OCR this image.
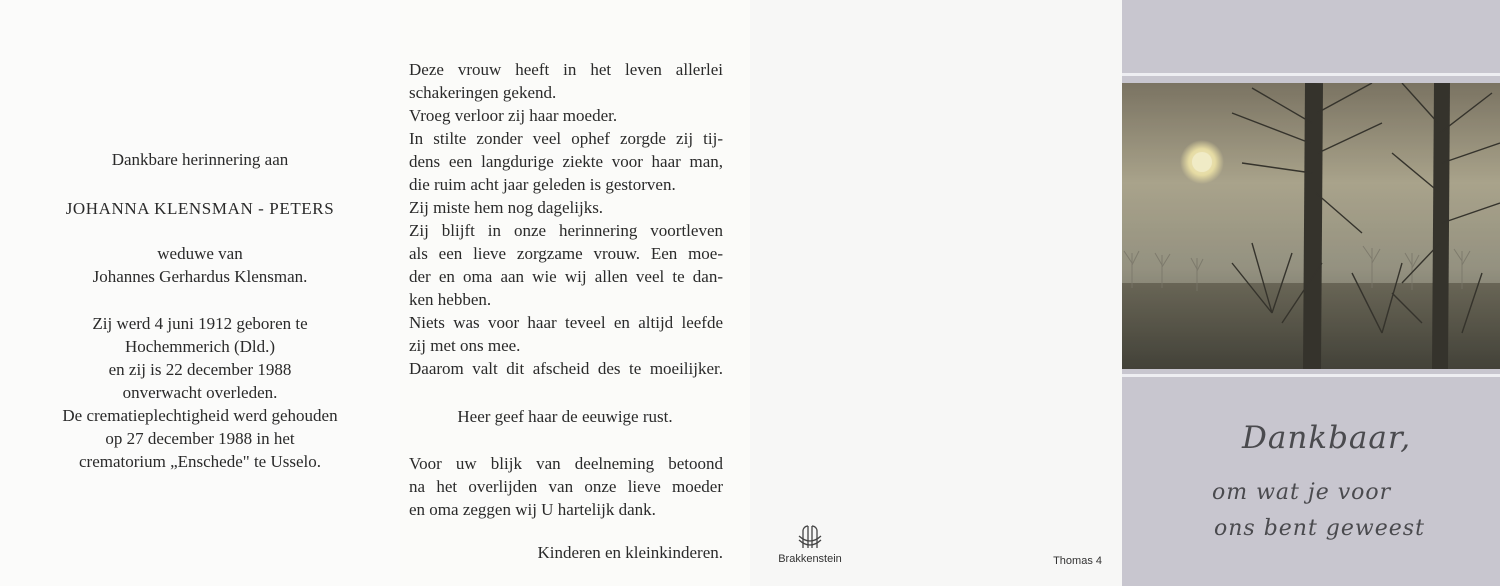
Dankbare herinnering aan
JOHANNA KLENSMAN - PETERS
weduwe van
Johannes Gerhardus Klensman.
Zij werd 4 juni 1912 geboren te
Hochemmerich (Dld.)
en zij is 22 december 1988
onverwacht overleden.
De crematieplechtigheid werd gehouden
op 27 december 1988 in het
crematorium „Enschede" te Usselo.
Deze vrouw heeft in het leven allerlei
schakeringen gekend.
Vroeg verloor zij haar moeder.
In stilte zonder veel ophef zorgde zij tij-
dens een langdurige ziekte voor haar man,
die ruim acht jaar geleden is gestorven.
Zij miste hem nog dagelijks.
Zij blijft in onze herinnering voortleven
als een lieve zorgzame vrouw. Een moe-
der en oma aan wie wij allen veel te dan-
ken hebben.
Niets was voor haar teveel en altijd leefde
zij met ons mee.
Daarom valt dit afscheid des te moeilijker.
Heer geef haar de eeuwige rust.
Voor uw blijk van deelneming betoond
na het overlijden van onze lieve moeder
en oma zeggen wij U hartelijk dank.
Kinderen en kleinkinderen.	Brakkenstein	Thomas 4
Dankbaar,
om wat je voor
ons bent geweest
